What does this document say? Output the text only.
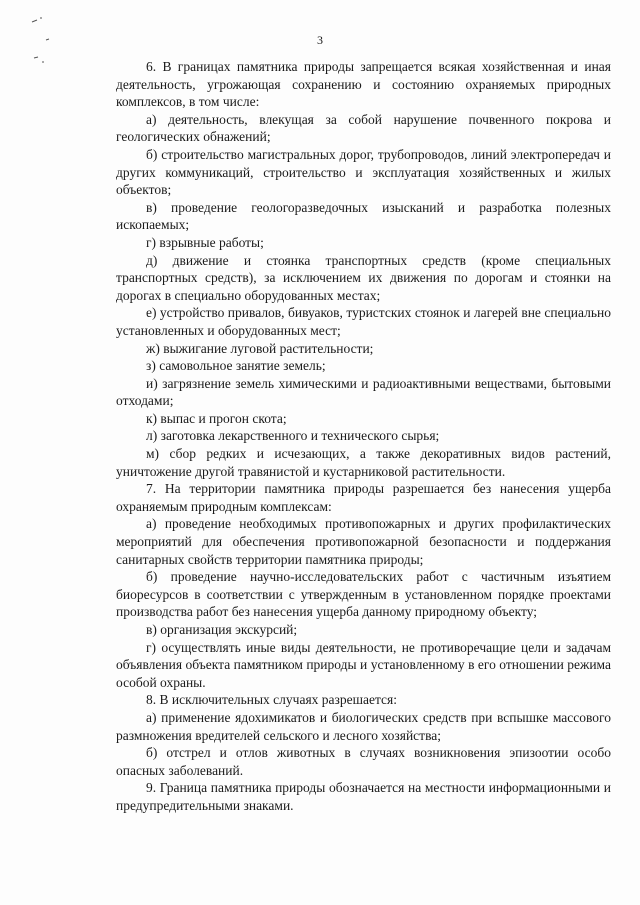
3

6. В границах памятника природы запрещается всякая хозяйственная и иная деятельность, угрожающая сохранению и состоянию охраняемых природных комплексов, в том числе:

а) деятельность, влекущая за собой нарушение почвенного покрова и геологических обнажений;

б) строительство магистральных дорог, трубопроводов, линий электропередач и других коммуникаций, строительство и эксплуатация хозяйственных и жилых объектов;

в) проведение геологоразведочных изысканий и разработка полезных ископаемых;

г) взрывные работы;

д) движение и стоянка транспортных средств (кроме специальных транспортных средств), за исключением их движения по дорогам и стоянки на дорогах в специально оборудованных местах;

е) устройство привалов, бивуаков, туристских стоянок и лагерей вне специально установленных и оборудованных мест;

ж) выжигание луговой растительности;

з) самовольное занятие земель;

и) загрязнение земель химическими и радиоактивными веществами, бытовыми отходами;

к) выпас и прогон скота;

л) заготовка лекарственного и технического сырья;

м) сбор редких и исчезающих, а также декоративных видов растений, уничтожение другой травянистой и кустарниковой растительности.

7. На территории памятника природы разрешается без нанесения ущерба охраняемым природным комплексам:

а) проведение необходимых противопожарных и других профилактических мероприятий для обеспечения противопожарной безопасности и поддержания санитарных свойств территории памятника природы;

б) проведение научно-исследовательских работ с частичным изъятием биоресурсов в соответствии с утвержденным в установленном порядке проектами производства работ без нанесения ущерба данному природному объекту;

в) организация экскурсий;

г) осуществлять иные виды деятельности, не противоречащие цели и задачам объявления объекта памятником природы и установленному в его отношении режима особой охраны.

8. В исключительных случаях разрешается:

а) применение ядохимикатов и биологических средств при вспышке массового размножения вредителей сельского и лесного хозяйства;

б) отстрел и отлов животных в случаях возникновения эпизоотии особо опасных заболеваний.

9. Граница памятника природы обозначается на местности информационными и предупредительными знаками.
